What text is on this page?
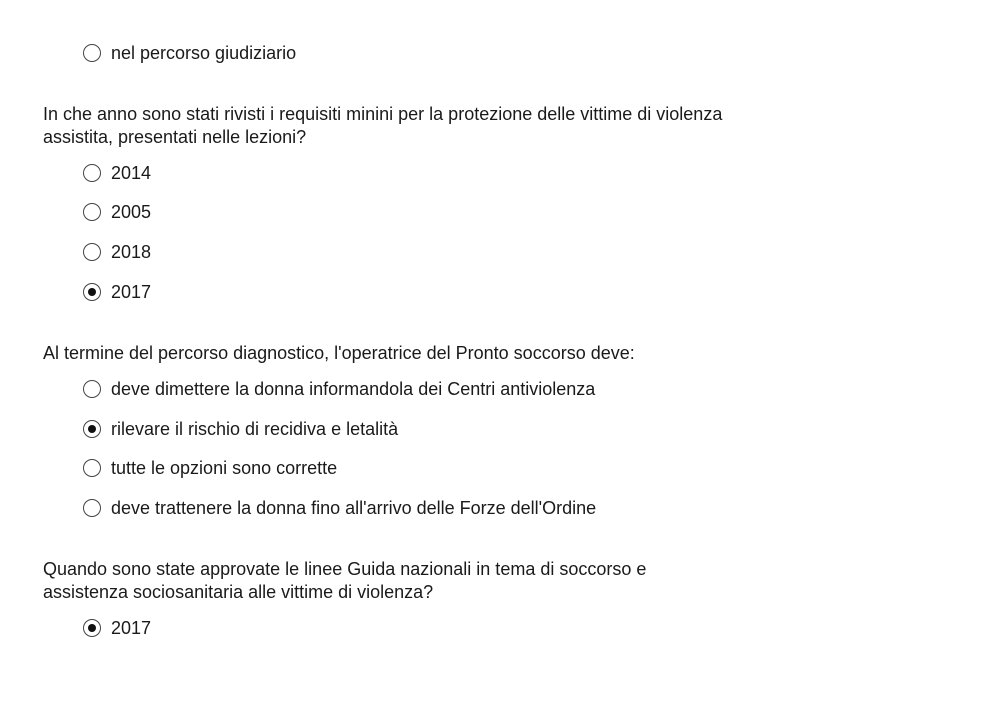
nel percorso giudiziario

In che anno sono stati rivisti i requisiti minini per la protezione delle vittime di violenza assistita, presentati nelle lezioni?

2014
2005
2018
2017

Al termine del percorso diagnostico, l'operatrice del Pronto soccorso deve:

deve dimettere la donna informandola dei Centri antiviolenza
rilevare il rischio di recidiva e letalità
tutte le opzioni sono corrette
deve trattenere la donna fino all'arrivo delle Forze dell'Ordine

Quando sono state approvate le linee Guida nazionali in tema di soccorso e assistenza sociosanitaria alle vittime di violenza?

2017
